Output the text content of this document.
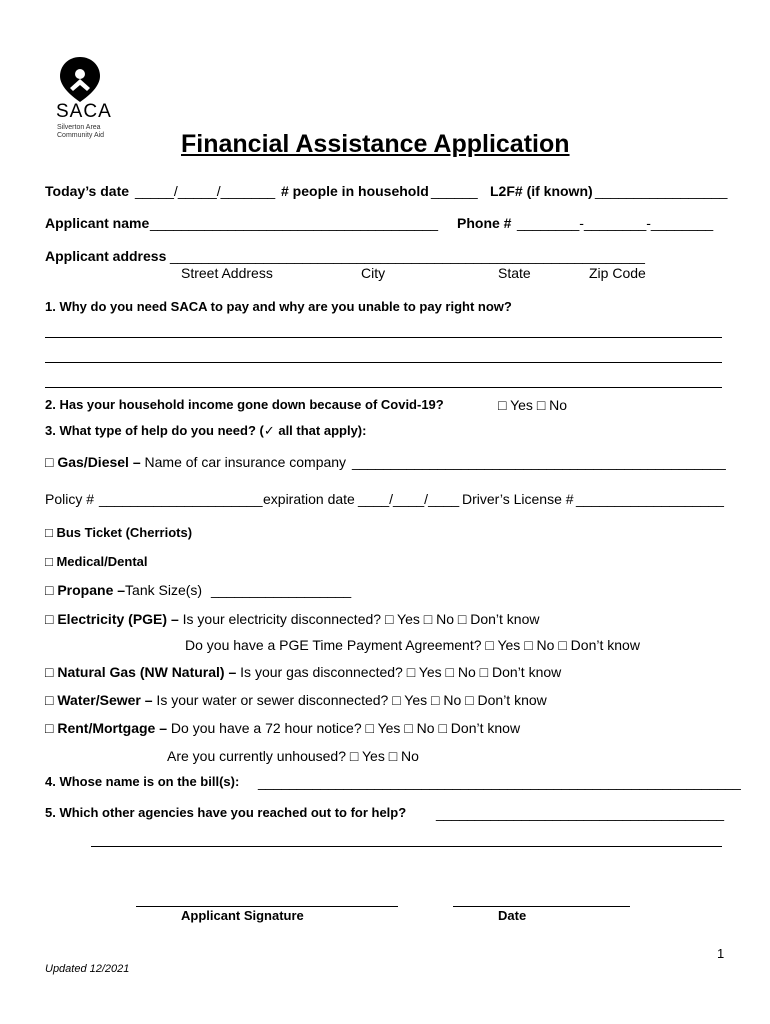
SACA
Silverton Area Community Aid	Financial Assistance Application
Today’s date _____/_____/_______ # people in household ______ L2F# (if known) _________________
Applicant name _____________________________________ Phone # ________-________-________
Applicant address _____________________________________________________________
Street Address	City	State	Zip Code
1. Why do you need SACA to pay and why are you unable to pay right now?
2. Has your household income gone down because of Covid-19?	□ Yes □ No
3. What type of help do you need? (✓ all that apply):
□ Gas/Diesel – Name of car insurance company ________________________________________________
Policy # _____________________ expiration date ____/____/____ Driver’s License # ___________________
□ Bus Ticket (Cherriots)
□ Medical/Dental
□ Propane –Tank Size(s) __________________
□ Electricity (PGE) – Is your electricity disconnected? □ Yes □ No □ Don’t know
Do you have a PGE Time Payment Agreement? □ Yes □ No □ Don’t know
□ Natural Gas (NW Natural) – Is your gas disconnected? □ Yes □ No □ Don’t know
□ Water/Sewer – Is your water or sewer disconnected? □ Yes □ No □ Don’t know
□ Rent/Mortgage – Do you have a 72 hour notice? □ Yes □ No □ Don’t know
Are you currently unhoused? □ Yes □ No
4. Whose name is on the bill(s): ______________________________________________________________
5. Which other agencies have you reached out to for help? _____________________________________
Applicant Signature	Date
1
Updated 12/2021
